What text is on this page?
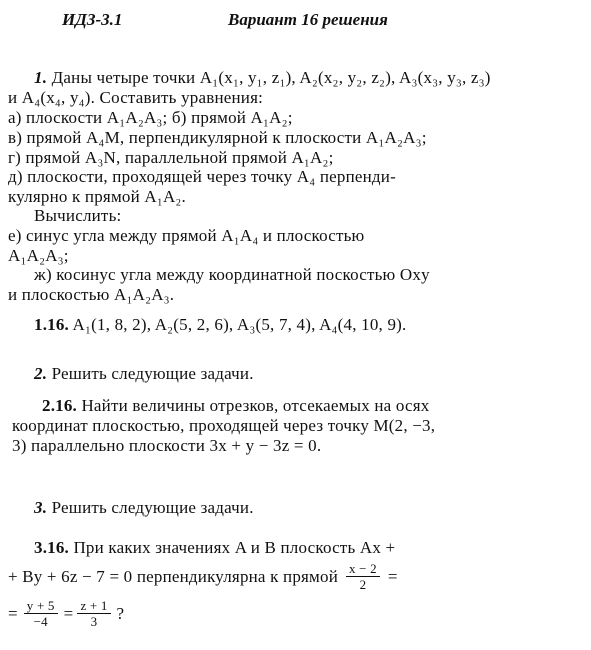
ИДЗ-3.1	Вариант 16 решения
1. Даны четыре точки A₁(x₁, y₁, z₁), A₂(x₂, y₂, z₂), A₃(x₃, y₃, z₃)
и A₄(x₄, y₄). Составить уравнения:
а) плоскости A₁A₂A₃; б) прямой A₁A₂;
в) прямой A₄M, перпендикулярной к плоскости A₁A₂A₃;
г) прямой A₃N, параллельной прямой A₁A₂;
д) плоскости, проходящей через точку A₄ перпенди-
кулярно к прямой A₁A₂.
Вычислить:
е) синус угла между прямой A₁A₄ и плоскостью
A₁A₂A₃;
ж) косинус угла между координатной поскостью Oxy
и плоскостью A₁A₂A₃.
1.16. A₁(1, 8, 2), A₂(5, 2, 6), A₃(5, 7, 4), A₄(4, 10, 9).
2. Решить следующие задачи.
2.16. Найти величины отрезков, отсекаемых на осях
координат плоскостью, проходящей через точку M(2, −3,
3) параллельно плоскости 3x + y − 3z = 0.
3. Решить следующие задачи.
3.16. При каких значениях A и B плоскость Ax +
+ By + 6z − 7 = 0 перпендикулярна к прямой $\frac{x - 2}{2}$ =
= $\frac{y + 5}{-4} = \frac{z + 1}{3}$ ?
